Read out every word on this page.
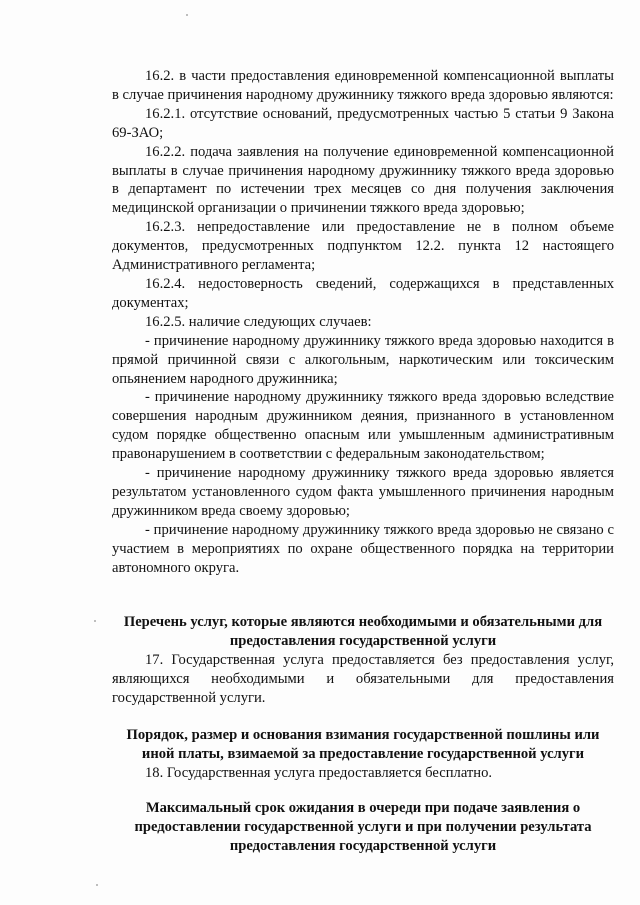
16.2. в части предоставления единовременной компенсационной выплаты в случае причинения народному дружиннику тяжкого вреда здоровью являются:

16.2.1. отсутствие оснований, предусмотренных частью 5 статьи 9 Закона 69-ЗАО;

16.2.2. подача заявления на получение единовременной компенсационной выплаты в случае причинения народному дружиннику тяжкого вреда здоровью в департамент по истечении трех месяцев со дня получения заключения медицинской организации о причинении тяжкого вреда здоровью;

16.2.3. непредоставление или предоставление не в полном объеме документов, предусмотренных подпунктом 12.2. пункта 12 настоящего Административного регламента;

16.2.4. недостоверность сведений, содержащихся в представленных документах;

16.2.5. наличие следующих случаев:

- причинение народному дружиннику тяжкого вреда здоровью находится в прямой причинной связи с алкогольным, наркотическим или токсическим опьянением народного дружинника;

- причинение народному дружиннику тяжкого вреда здоровью вследствие совершения народным дружинником деяния, признанного в установленном судом порядке общественно опасным или умышленным административным правонарушением в соответствии с федеральным законодательством;

- причинение народному дружиннику тяжкого вреда здоровью является результатом установленного судом факта умышленного причинения народным дружинником вреда своему здоровью;

- причинение народному дружиннику тяжкого вреда здоровью не связано с участием в мероприятиях по охране общественного порядка на территории автономного округа.

Перечень услуг, которые являются необходимыми и обязательными для предоставления государственной услуги

17. Государственная услуга предоставляется без предоставления услуг, являющихся необходимыми и обязательными для предоставления государственной услуги.

Порядок, размер и основания взимания государственной пошлины или иной платы, взимаемой за предоставление государственной услуги

18. Государственная услуга предоставляется бесплатно.

Максимальный срок ожидания в очереди при подаче заявления о предоставлении государственной услуги и при получении результата предоставления государственной услуги
